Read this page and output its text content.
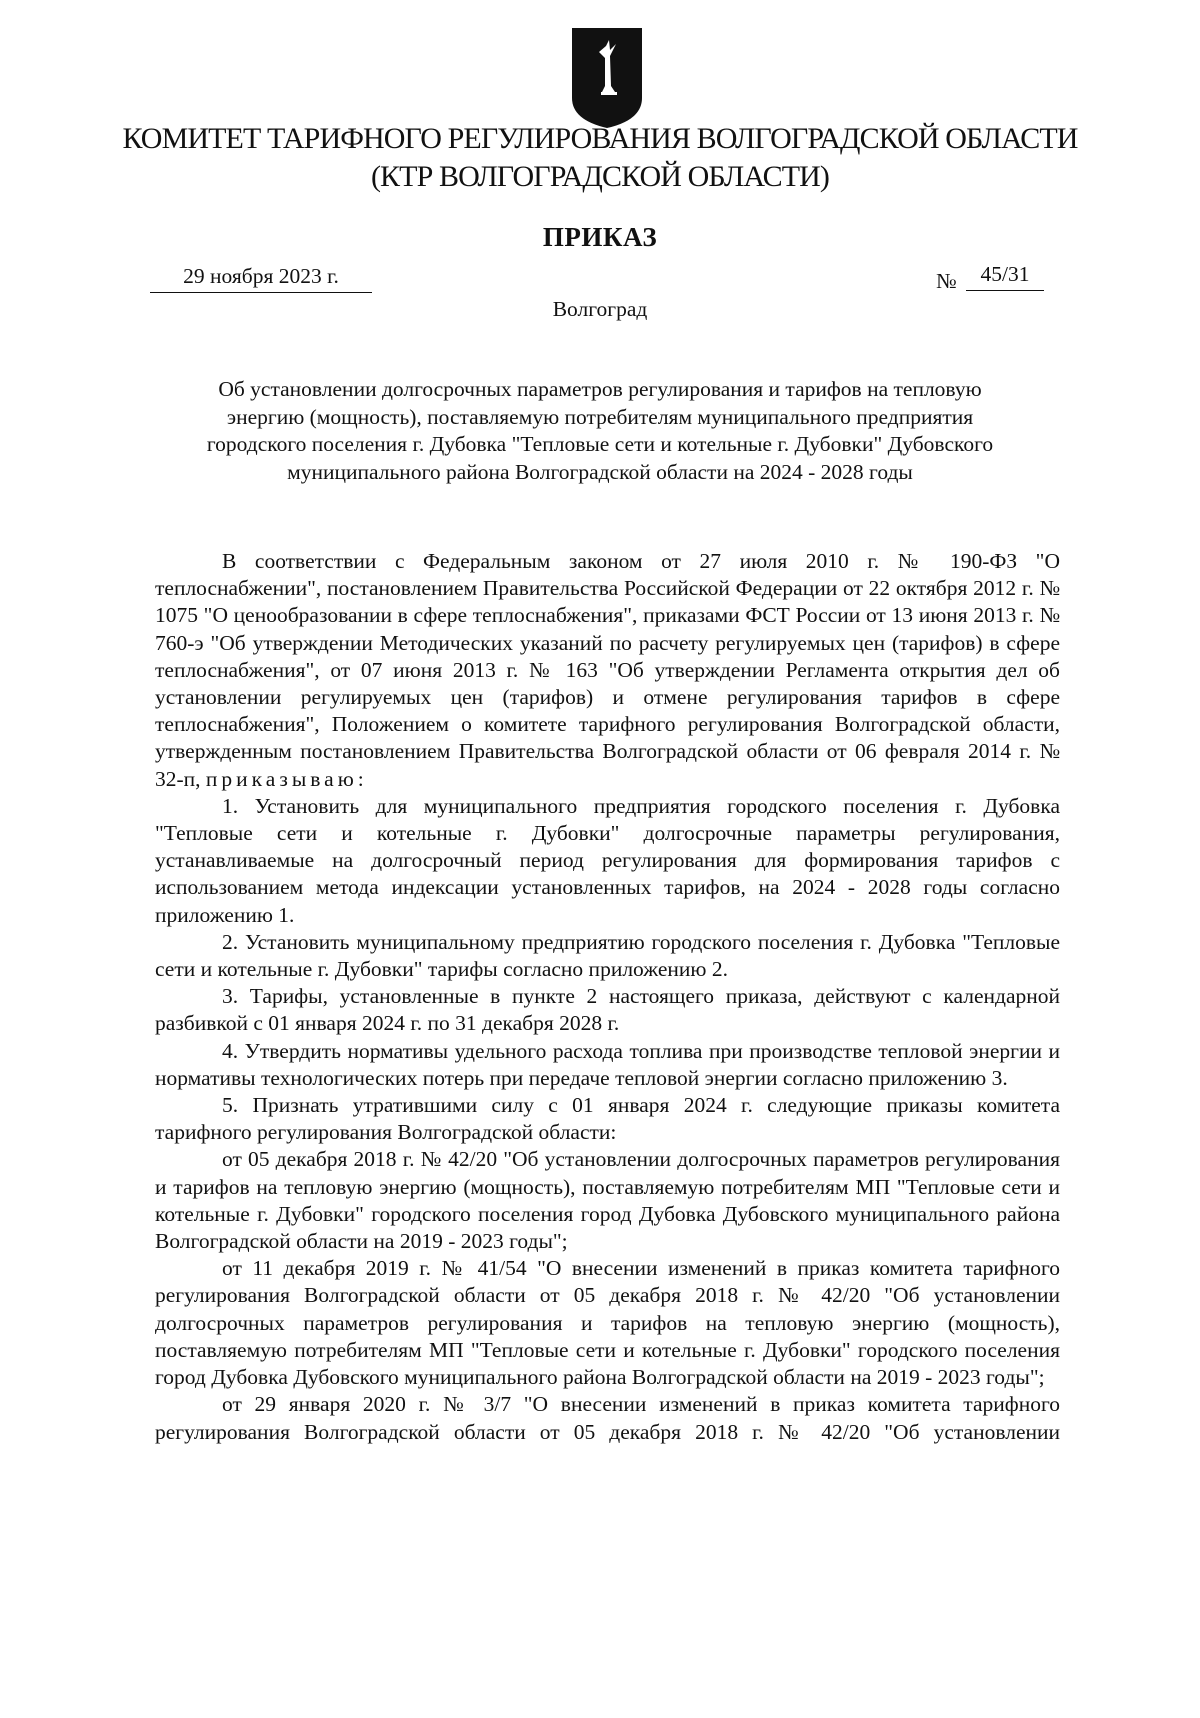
КОМИТЕТ ТАРИФНОГО РЕГУЛИРОВАНИЯ ВОЛГОГРАДСКОЙ ОБЛАСТИ
(КТР ВОЛГОГРАДСКОЙ ОБЛАСТИ)
ПРИКАЗ
29 ноября 2023 г.	№	45/31
Волгоград
Об установлении долгосрочных параметров регулирования и тарифов на тепловую
энергию (мощность), поставляемую потребителям муниципального предприятия
городского поселения г. Дубовка "Тепловые сети и котельные г. Дубовки" Дубовского
муниципального района Волгоградской области на 2024 - 2028 годы

В соответствии с Федеральным законом от 27 июля 2010 г. № 190-ФЗ "О теплоснабжении", постановлением Правительства Российской Федерации от 22 октября 2012 г. № 1075 "О ценообразовании в сфере теплоснабжения", приказами ФСТ России от 13 июня 2013 г. № 760-э "Об утверждении Методических указаний по расчету регулируемых цен (тарифов) в сфере теплоснабжения", от 07 июня 2013 г. № 163 "Об утверждении Регламента открытия дел об установлении регулируемых цен (тарифов) и отмене регулирования тарифов в сфере теплоснабжения", Положением о комитете тарифного регулирования Волгоградской области, утвержденным постановлением Правительства Волгоградской области от 06 февраля 2014 г. № 32-п, приказываю:

1. Установить для муниципального предприятия городского поселения г. Дубовка "Тепловые сети и котельные г. Дубовки" долгосрочные параметры регулирования, устанавливаемые на долгосрочный период регулирования для формирования тарифов с использованием метода индексации установленных тарифов, на 2024 - 2028 годы согласно приложению 1.

2. Установить муниципальному предприятию городского поселения г. Дубовка "Тепловые сети и котельные г. Дубовки" тарифы согласно приложению 2.

3. Тарифы, установленные в пункте 2 настоящего приказа, действуют с календарной разбивкой с 01 января 2024 г. по 31 декабря 2028 г.

4. Утвердить нормативы удельного расхода топлива при производстве тепловой энергии и нормативы технологических потерь при передаче тепловой энергии согласно приложению 3.

5. Признать утратившими силу с 01 января 2024 г. следующие приказы комитета тарифного регулирования Волгоградской области:

от 05 декабря 2018 г. № 42/20 "Об установлении долгосрочных параметров регулирования и тарифов на тепловую энергию (мощность), поставляемую потребителям МП "Тепловые сети и котельные г. Дубовки" городского поселения город Дубовка Дубовского муниципального района Волгоградской области на 2019 - 2023 годы";

от 11 декабря 2019 г. № 41/54 "О внесении изменений в приказ комитета тарифного регулирования Волгоградской области от 05 декабря 2018 г. № 42/20 "Об установлении долгосрочных параметров регулирования и тарифов на тепловую энергию (мощность), поставляемую потребителям МП "Тепловые сети и котельные г. Дубовки" городского поселения город Дубовка Дубовского муниципального района Волгоградской области на 2019 - 2023 годы";

от 29 января 2020 г. № 3/7 "О внесении изменений в приказ комитета тарифного регулирования Волгоградской области от 05 декабря 2018 г. № 42/20 "Об установлении
